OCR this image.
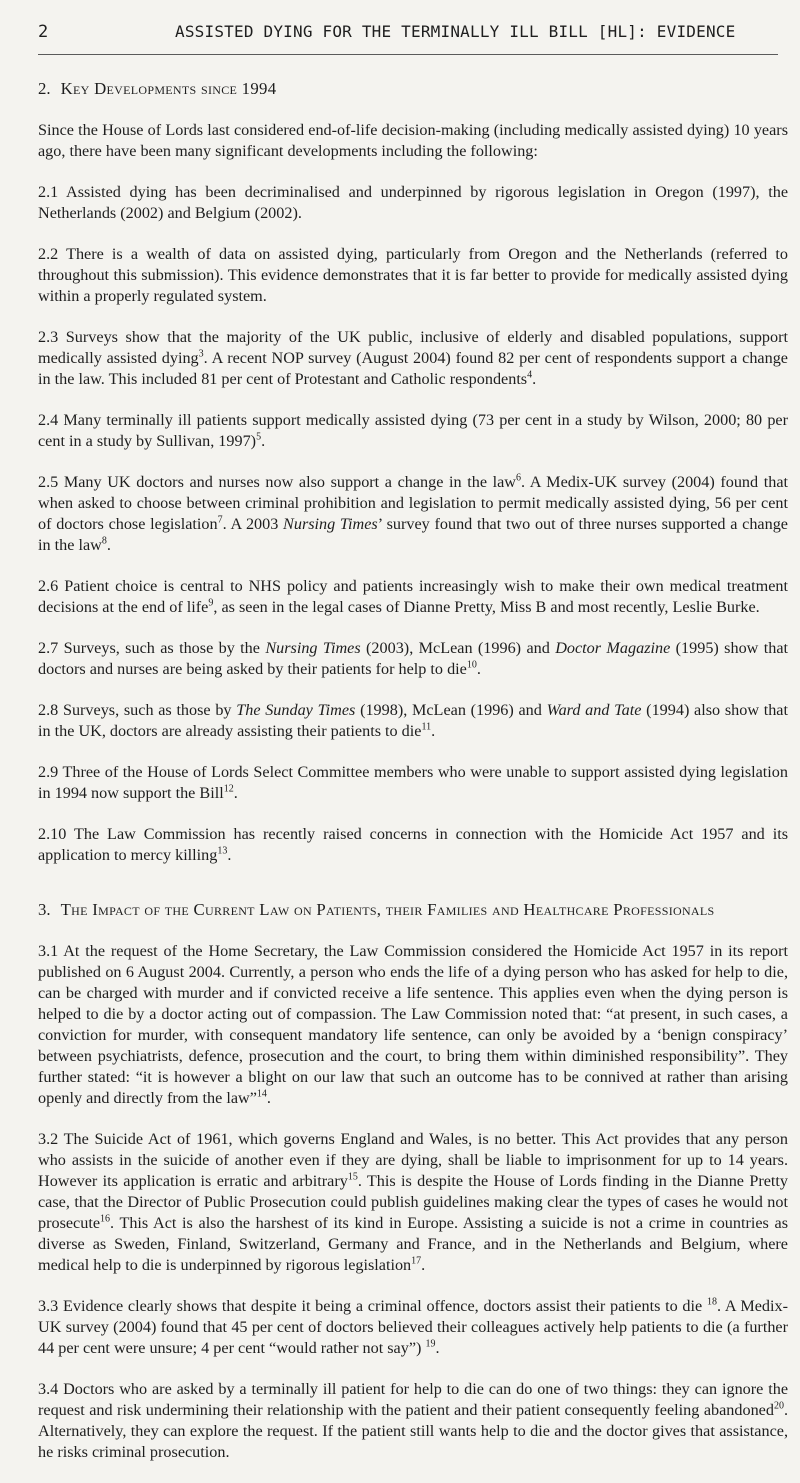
2	ASSISTED DYING FOR THE TERMINALLY ILL BILL [HL]: EVIDENCE
2. Key Developments since 1994

Since the House of Lords last considered end-of-life decision-making (including medically assisted dying) 10 years ago, there have been many significant developments including the following:

2.1 Assisted dying has been decriminalised and underpinned by rigorous legislation in Oregon (1997), the Netherlands (2002) and Belgium (2002).

2.2 There is a wealth of data on assisted dying, particularly from Oregon and the Netherlands (referred to throughout this submission). This evidence demonstrates that it is far better to provide for medically assisted dying within a properly regulated system.

2.3 Surveys show that the majority of the UK public, inclusive of elderly and disabled populations, support medically assisted dying$^3$. A recent NOP survey (August 2004) found 82 per cent of respondents support a change in the law. This included 81 per cent of Protestant and Catholic respondents$^4$.

2.4 Many terminally ill patients support medically assisted dying (73 per cent in a study by Wilson, 2000; 80 per cent in a study by Sullivan, 1997)$^5$.

2.5 Many UK doctors and nurses now also support a change in the law$^6$. A Medix-UK survey (2004) found that when asked to choose between criminal prohibition and legislation to permit medically assisted dying, 56 per cent of doctors chose legislation$^7$. A 2003 Nursing Times’ survey found that two out of three nurses supported a change in the law$^8$.

2.6 Patient choice is central to NHS policy and patients increasingly wish to make their own medical treatment decisions at the end of life$^9$, as seen in the legal cases of Dianne Pretty, Miss B and most recently, Leslie Burke.

2.7 Surveys, such as those by the Nursing Times (2003), McLean (1996) and Doctor Magazine (1995) show that doctors and nurses are being asked by their patients for help to die$^{10}$.

2.8 Surveys, such as those by The Sunday Times (1998), McLean (1996) and Ward and Tate (1994) also show that in the UK, doctors are already assisting their patients to die$^{11}$.

2.9 Three of the House of Lords Select Committee members who were unable to support assisted dying legislation in 1994 now support the Bill$^{12}$.

2.10 The Law Commission has recently raised concerns in connection with the Homicide Act 1957 and its application to mercy killing$^{13}$.

3. The Impact of the Current Law on Patients, their Families and Healthcare Professionals

3.1 At the request of the Home Secretary, the Law Commission considered the Homicide Act 1957 in its report published on 6 August 2004. Currently, a person who ends the life of a dying person who has asked for help to die, can be charged with murder and if convicted receive a life sentence. This applies even when the dying person is helped to die by a doctor acting out of compassion. The Law Commission noted that: “at present, in such cases, a conviction for murder, with consequent mandatory life sentence, can only be avoided by a ‘benign conspiracy’ between psychiatrists, defence, prosecution and the court, to bring them within diminished responsibility”. They further stated: “it is however a blight on our law that such an outcome has to be connived at rather than arising openly and directly from the law”$^{14}$.

3.2 The Suicide Act of 1961, which governs England and Wales, is no better. This Act provides that any person who assists in the suicide of another even if they are dying, shall be liable to imprisonment for up to 14 years. However its application is erratic and arbitrary$^{15}$. This is despite the House of Lords finding in the Dianne Pretty case, that the Director of Public Prosecution could publish guidelines making clear the types of cases he would not prosecute$^{16}$. This Act is also the harshest of its kind in Europe. Assisting a suicide is not a crime in countries as diverse as Sweden, Finland, Switzerland, Germany and France, and in the Netherlands and Belgium, where medical help to die is underpinned by rigorous legislation$^{17}$.

3.3 Evidence clearly shows that despite it being a criminal offence, doctors assist their patients to die $^{18}$. A Medix-UK survey (2004) found that 45 per cent of doctors believed their colleagues actively help patients to die (a further 44 per cent were unsure; 4 per cent “would rather not say”) $^{19}$.

3.4 Doctors who are asked by a terminally ill patient for help to die can do one of two things: they can ignore the request and risk undermining their relationship with the patient and their patient consequently feeling abandoned$^{20}$. Alternatively, they can explore the request. If the patient still wants help to die and the doctor gives that assistance, he risks criminal prosecution.
